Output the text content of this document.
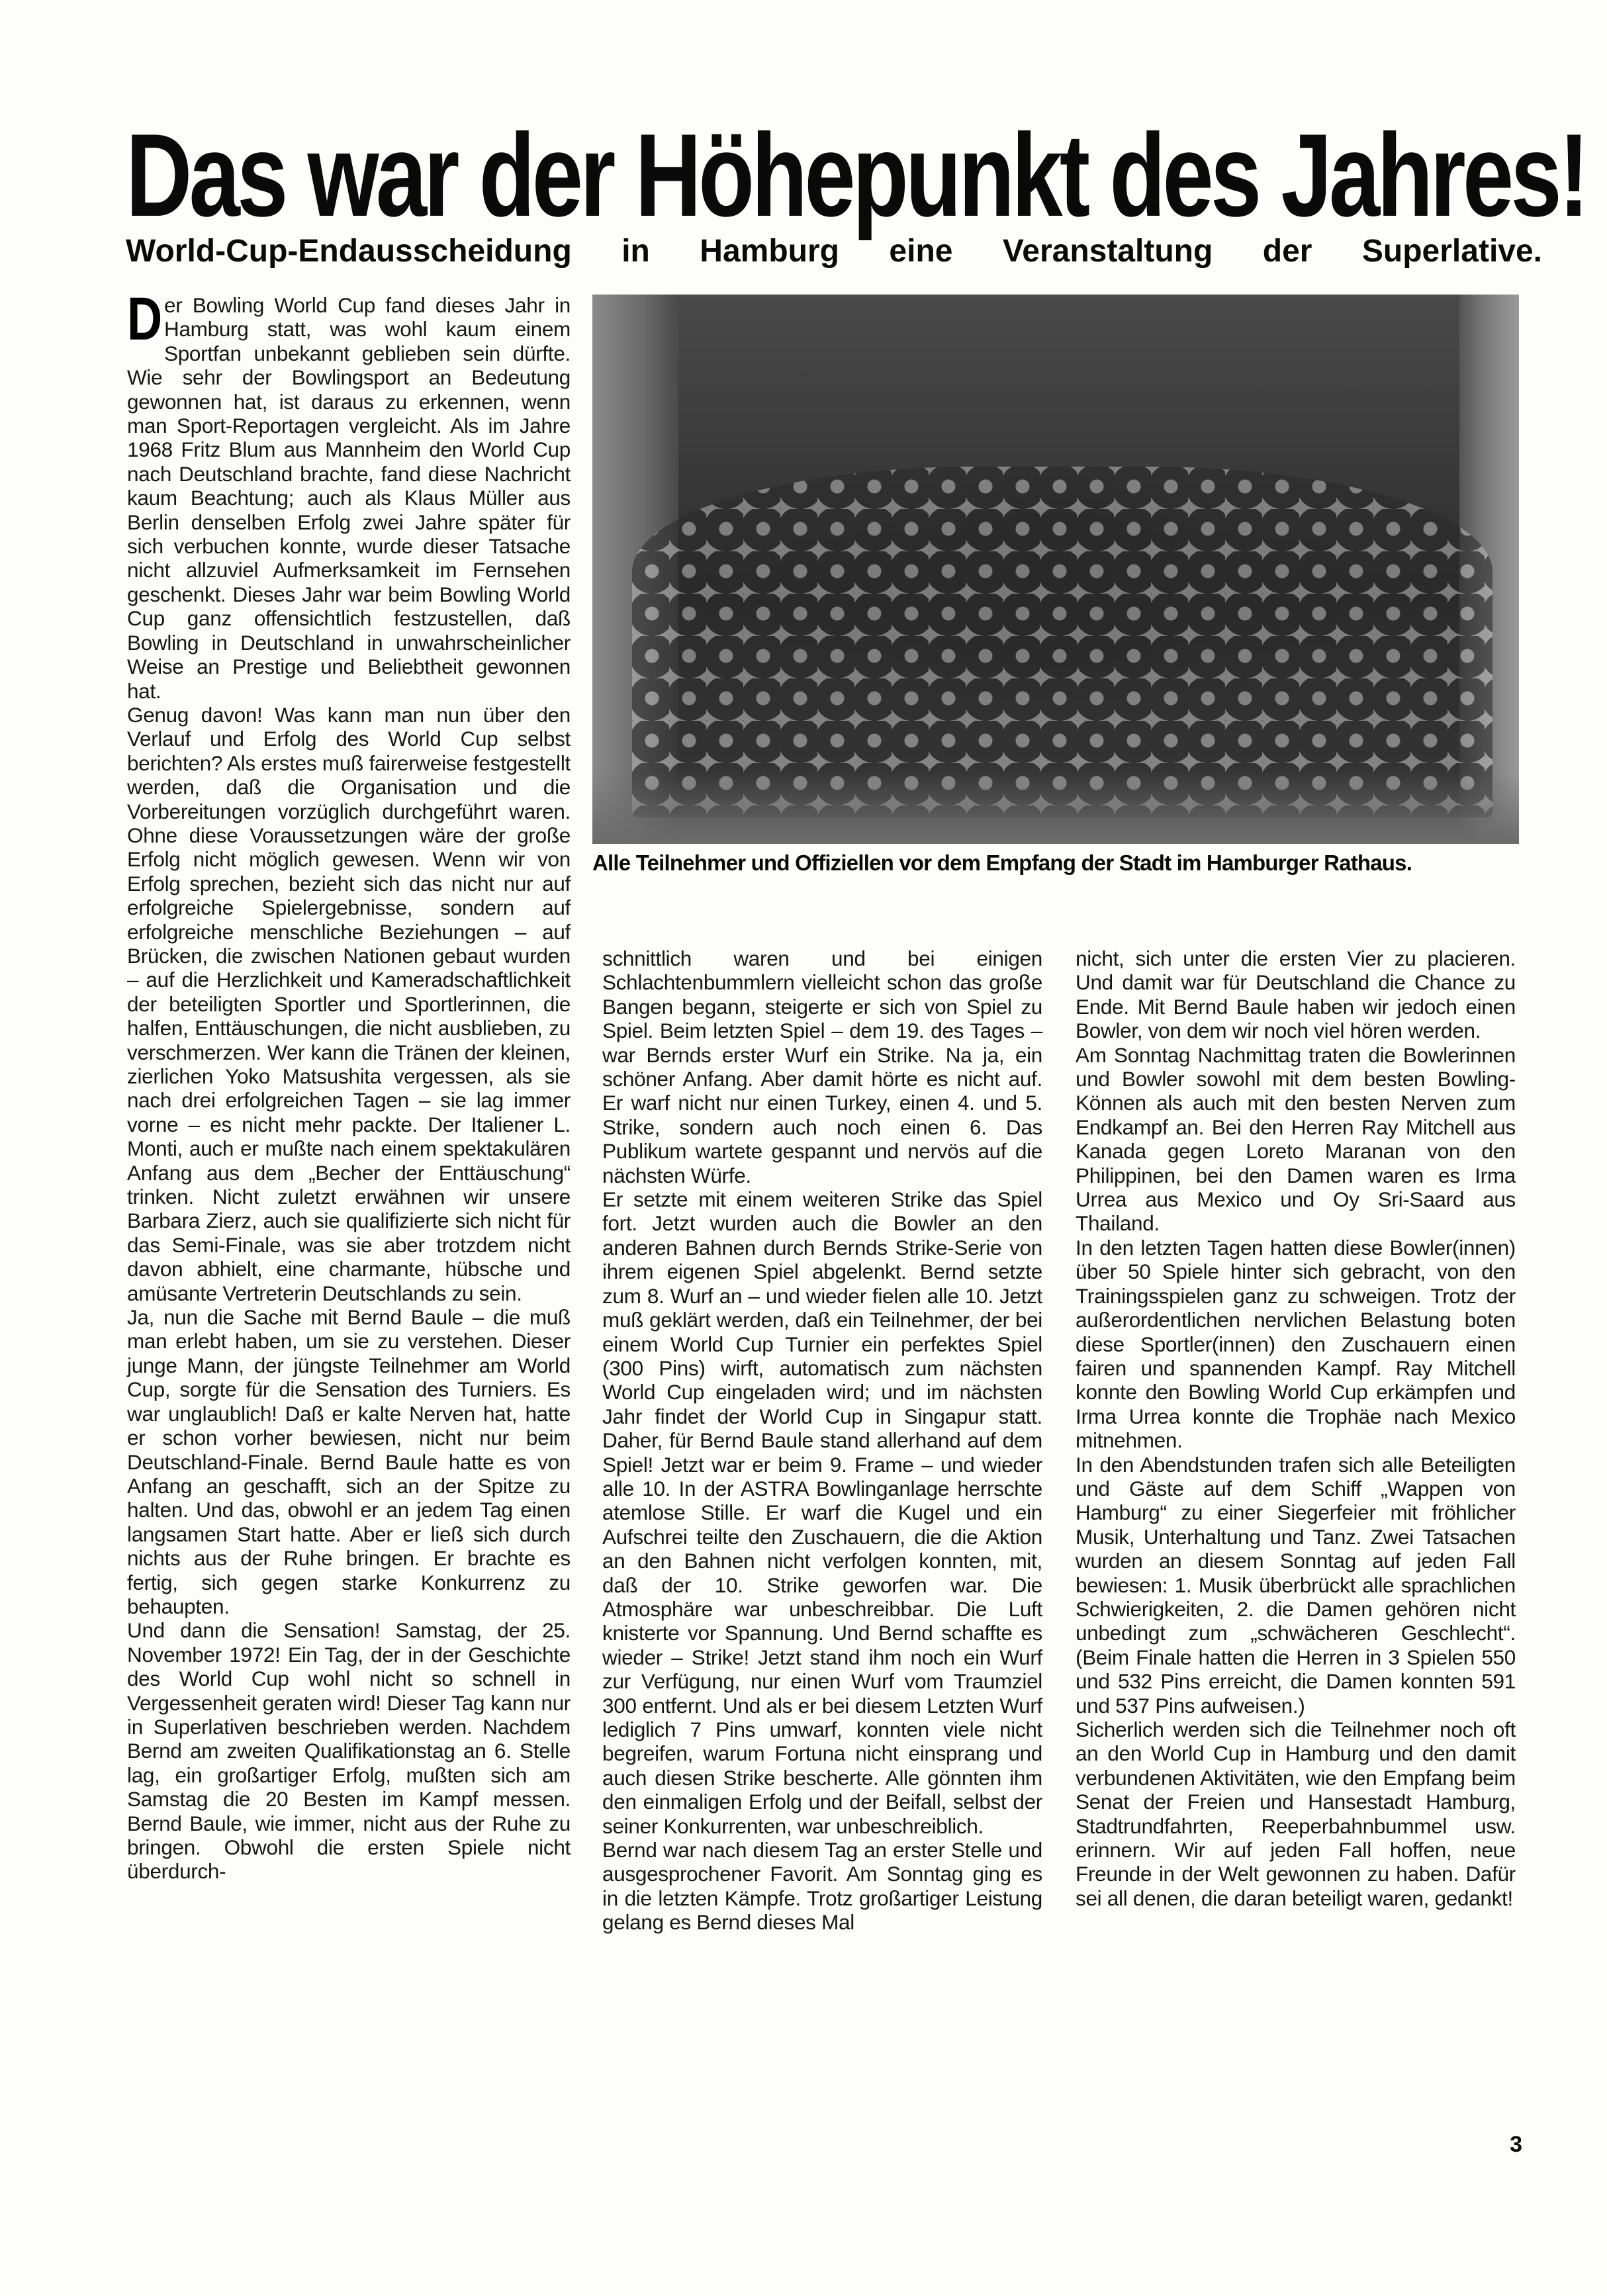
Das war der Höhepunkt des Jahres!
World-Cup-Endausscheidung in Hamburg eine Veranstaltung der Superlative.

Der Bowling World Cup fand dieses Jahr in Hamburg statt, was wohl kaum einem Sportfan unbekannt geblieben sein dürfte. Wie sehr der Bowlingsport an Bedeutung gewonnen hat, ist daraus zu erkennen, wenn man Sport-Reportagen vergleicht. Als im Jahre 1968 Fritz Blum aus Mannheim den World Cup nach Deutschland brachte, fand diese Nachricht kaum Beachtung; auch als Klaus Müller aus Berlin denselben Erfolg zwei Jahre später für sich verbuchen konnte, wurde dieser Tatsache nicht allzuviel Aufmerksamkeit im Fernsehen geschenkt. Dieses Jahr war beim Bowling World Cup ganz offensichtlich festzustellen, daß Bowling in Deutschland in unwahrscheinlicher Weise an Prestige und Beliebtheit gewonnen hat.

Genug davon! Was kann man nun über den Verlauf und Erfolg des World Cup selbst berichten? Als erstes muß fairerweise festgestellt werden, daß die Organisation und die Vorbereitungen vorzüglich durchgeführt waren. Ohne diese Voraussetzungen wäre der große Erfolg nicht möglich gewesen. Wenn wir von Erfolg sprechen, bezieht sich das nicht nur auf erfolgreiche Spielergebnisse, sondern auf erfolgreiche menschliche Beziehungen – auf Brücken, die zwischen Nationen gebaut wurden – auf die Herzlichkeit und Kameradschaftlichkeit der beteiligten Sportler und Sportlerinnen, die halfen, Enttäuschungen, die nicht ausblieben, zu verschmerzen. Wer kann die Tränen der kleinen, zierlichen Yoko Matsushita vergessen, als sie nach drei erfolgreichen Tagen – sie lag immer vorne – es nicht mehr packte. Der Italiener L. Monti, auch er mußte nach einem spektakulären Anfang aus dem „Becher der Enttäuschung“ trinken. Nicht zuletzt erwähnen wir unsere Barbara Zierz, auch sie qualifizierte sich nicht für das Semi-Finale, was sie aber trotzdem nicht davon abhielt, eine charmante, hübsche und amüsante Vertreterin Deutschlands zu sein.

Ja, nun die Sache mit Bernd Baule – die muß man erlebt haben, um sie zu verstehen. Dieser junge Mann, der jüngste Teilnehmer am World Cup, sorgte für die Sensation des Turniers. Es war unglaublich! Daß er kalte Nerven hat, hatte er schon vorher bewiesen, nicht nur beim Deutschland-Finale. Bernd Baule hatte es von Anfang an geschafft, sich an der Spitze zu halten. Und das, obwohl er an jedem Tag einen langsamen Start hatte. Aber er ließ sich durch nichts aus der Ruhe bringen. Er brachte es fertig, sich gegen starke Konkurrenz zu behaupten.

Und dann die Sensation! Samstag, der 25. November 1972! Ein Tag, der in der Geschichte des World Cup wohl nicht so schnell in Vergessenheit geraten wird! Dieser Tag kann nur in Superlativen beschrieben werden. Nachdem Bernd am zweiten Qualifikationstag an 6. Stelle lag, ein großartiger Erfolg, mußten sich am Samstag die 20 Besten im Kampf messen. Bernd Baule, wie immer, nicht aus der Ruhe zu bringen. Obwohl die ersten Spiele nicht überdurch-

Alle Teilnehmer und Offiziellen vor dem Empfang der Stadt im Hamburger Rathaus.

schnittlich waren und bei einigen Schlachtenbummlern vielleicht schon das große Bangen begann, steigerte er sich von Spiel zu Spiel. Beim letzten Spiel – dem 19. des Tages – war Bernds erster Wurf ein Strike. Na ja, ein schöner Anfang. Aber damit hörte es nicht auf. Er warf nicht nur einen Turkey, einen 4. und 5. Strike, sondern auch noch einen 6. Das Publikum wartete gespannt und nervös auf die nächsten Würfe.

Er setzte mit einem weiteren Strike das Spiel fort. Jetzt wurden auch die Bowler an den anderen Bahnen durch Bernds Strike-Serie von ihrem eigenen Spiel abgelenkt. Bernd setzte zum 8. Wurf an – und wieder fielen alle 10. Jetzt muß geklärt werden, daß ein Teilnehmer, der bei einem World Cup Turnier ein perfektes Spiel (300 Pins) wirft, automatisch zum nächsten World Cup eingeladen wird; und im nächsten Jahr findet der World Cup in Singapur statt. Daher, für Bernd Baule stand allerhand auf dem Spiel! Jetzt war er beim 9. Frame – und wieder alle 10. In der ASTRA Bowlinganlage herrschte atemlose Stille. Er warf die Kugel und ein Aufschrei teilte den Zuschauern, die die Aktion an den Bahnen nicht verfolgen konnten, mit, daß der 10. Strike geworfen war. Die Atmosphäre war unbeschreibbar. Die Luft knisterte vor Spannung. Und Bernd schaffte es wieder – Strike! Jetzt stand ihm noch ein Wurf zur Verfügung, nur einen Wurf vom Traumziel 300 entfernt. Und als er bei diesem Letzten Wurf lediglich 7 Pins umwarf, konnten viele nicht begreifen, warum Fortuna nicht einsprang und auch diesen Strike bescherte. Alle gönnten ihm den einmaligen Erfolg und der Beifall, selbst der seiner Konkurrenten, war unbeschreiblich.

Bernd war nach diesem Tag an erster Stelle und ausgesprochener Favorit. Am Sonntag ging es in die letzten Kämpfe. Trotz großartiger Leistung gelang es Bernd dieses Mal

nicht, sich unter die ersten Vier zu placieren. Und damit war für Deutschland die Chance zu Ende. Mit Bernd Baule haben wir jedoch einen Bowler, von dem wir noch viel hören werden.

Am Sonntag Nachmittag traten die Bowlerinnen und Bowler sowohl mit dem besten Bowling-Können als auch mit den besten Nerven zum Endkampf an. Bei den Herren Ray Mitchell aus Kanada gegen Loreto Maranan von den Philippinen, bei den Damen waren es Irma Urrea aus Mexico und Oy Sri-Saard aus Thailand.

In den letzten Tagen hatten diese Bowler(innen) über 50 Spiele hinter sich gebracht, von den Trainingsspielen ganz zu schweigen. Trotz der außerordentlichen nervlichen Belastung boten diese Sportler(innen) den Zuschauern einen fairen und spannenden Kampf. Ray Mitchell konnte den Bowling World Cup erkämpfen und Irma Urrea konnte die Trophäe nach Mexico mitnehmen.

In den Abendstunden trafen sich alle Beteiligten und Gäste auf dem Schiff „Wappen von Hamburg“ zu einer Siegerfeier mit fröhlicher Musik, Unterhaltung und Tanz. Zwei Tatsachen wurden an diesem Sonntag auf jeden Fall bewiesen: 1. Musik überbrückt alle sprachlichen Schwierigkeiten, 2. die Damen gehören nicht unbedingt zum „schwächeren Geschlecht“. (Beim Finale hatten die Herren in 3 Spielen 550 und 532 Pins erreicht, die Damen konnten 591 und 537 Pins aufweisen.)

Sicherlich werden sich die Teilnehmer noch oft an den World Cup in Hamburg und den damit verbundenen Aktivitäten, wie den Empfang beim Senat der Freien und Hansestadt Hamburg, Stadtrundfahrten, Reeperbahnbummel usw. erinnern. Wir auf jeden Fall hoffen, neue Freunde in der Welt gewonnen zu haben. Dafür sei all denen, die daran beteiligt waren, gedankt!

3
